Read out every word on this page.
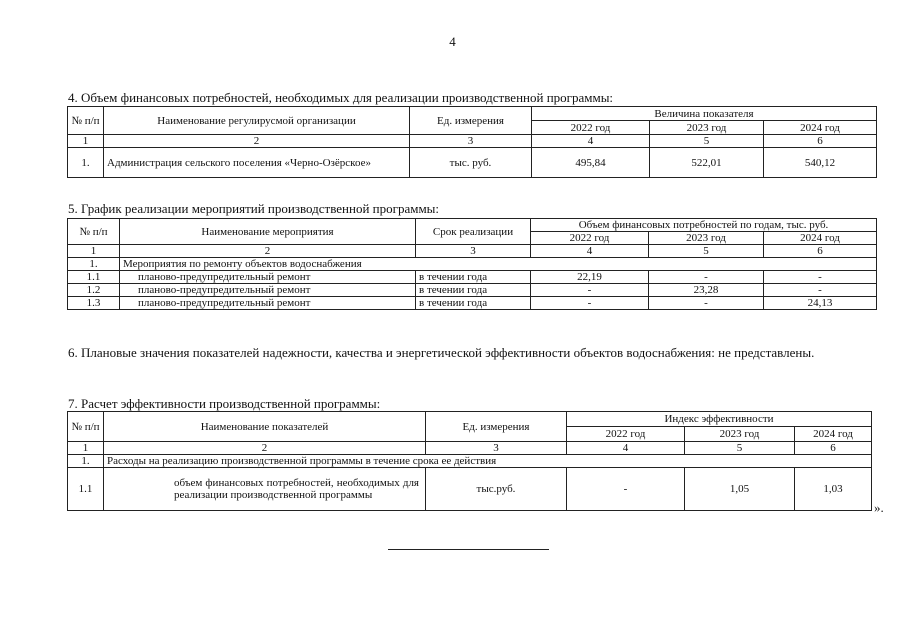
4
4. Объем финансовых потребностей, необходимых для реализации производственной программы:
№ п/п	Наименование регулирусмой организации	Ед. измерения	Величина показателя		
			2022 год	2023 год	2024 год
1	2	3	4	5	6
1.	Администрация сельского поселения «Черно-Озёрское»	тыс. руб.	495,84	522,01	540,12
5. График реализации мероприятий производственной программы:
№ п/п	Наименование мероприятия	Срок реализации	Объем финансовых потребностей по годам, тыс. руб.		
			2022 год	2023 год	2024 год
1	2	3	4	5	6
1.	Мероприятия по ремонту объектов водоснабжения				
1.1	планово-предупредительный ремонт	в течении года	22,19	-	-
1.2	планово-предупредительный ремонт	в течении года	-	23,28	-
1.3	планово-предупредительный ремонт	в течении года	-	-	24,13
6. Плановые значения показателей надежности, качества и энергетической эффективности объектов водоснабжения: не представлены.
7. Расчет эффективности производственной программы:
№ п/п	Наименование показателей	Ед. измерения	Индекс эффективности		
			2022 год	2023 год	2024 год
1	2	3	4	5	6
1.	Расходы на реализацию производственной программы в течение срока ее действия				
1.1	объем финансовых потребностей, необходимых для реализации производственной программы	тыс.руб.	-	1,05	1,03
».
